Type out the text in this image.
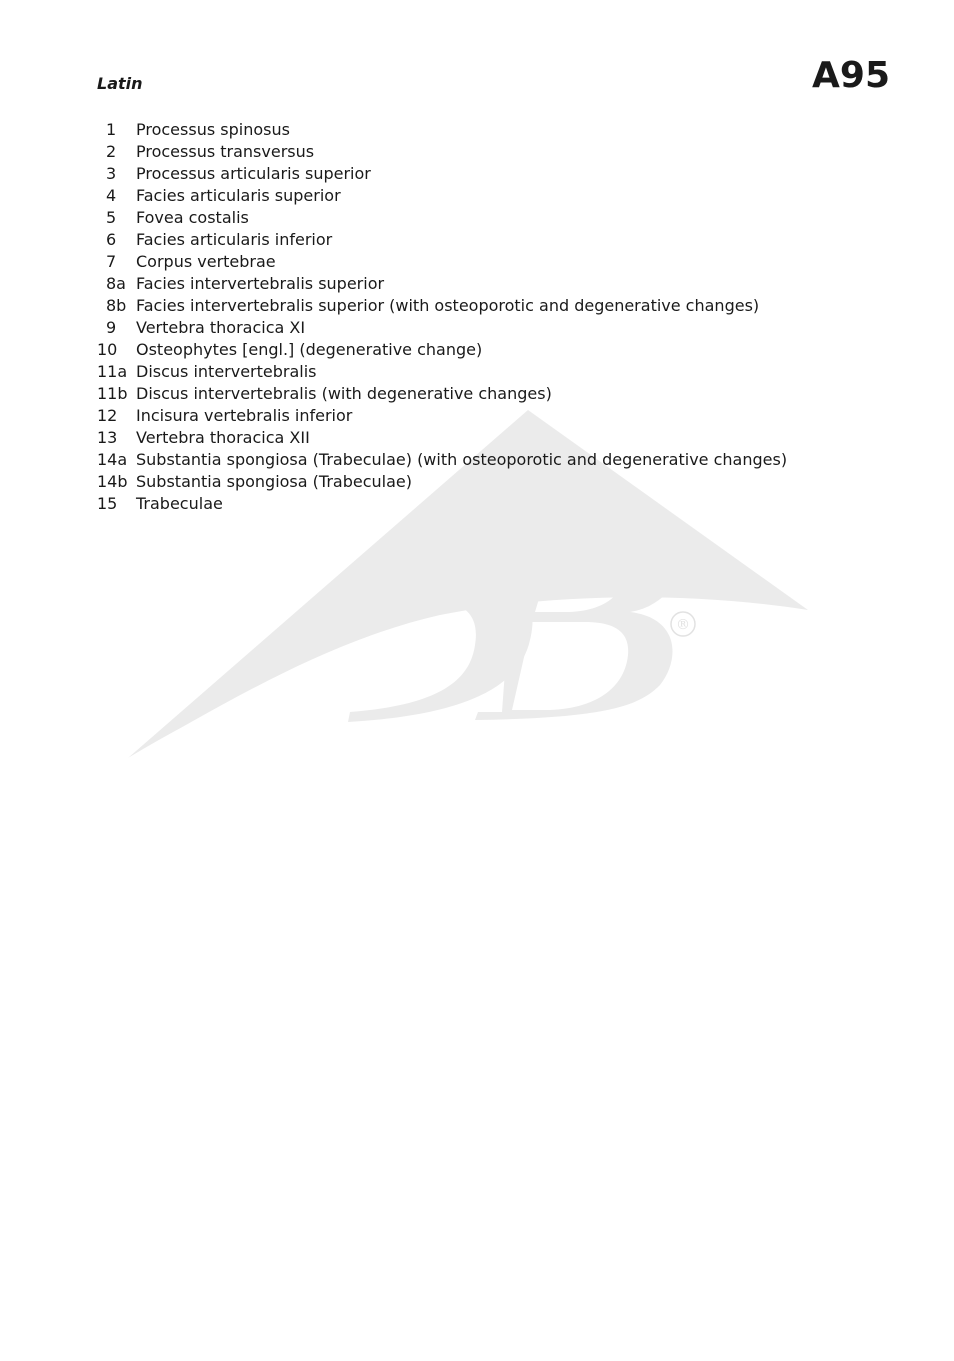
®

Latin	A95

1	Processus spinosus
2	Processus transversus
3	Processus articularis superior
4	Facies articularis superior
5	Fovea costalis
6	Facies articularis inferior
7	Corpus vertebrae
8a Facies intervertebralis superior
8b Facies intervertebralis superior (with osteoporotic and degenerative changes)
9	Vertebra thoracica XI
10	Osteophytes [engl.] (degenerative change)
11a Discus intervertebralis
11b Discus intervertebralis (with degenerative changes)
12	Incisura vertebralis inferior
13	Vertebra thoracica XII
14a Substantia spongiosa (Trabeculae) (with osteoporotic and degenerative changes)
14b Substantia spongiosa (Trabeculae)
15	Trabeculae
